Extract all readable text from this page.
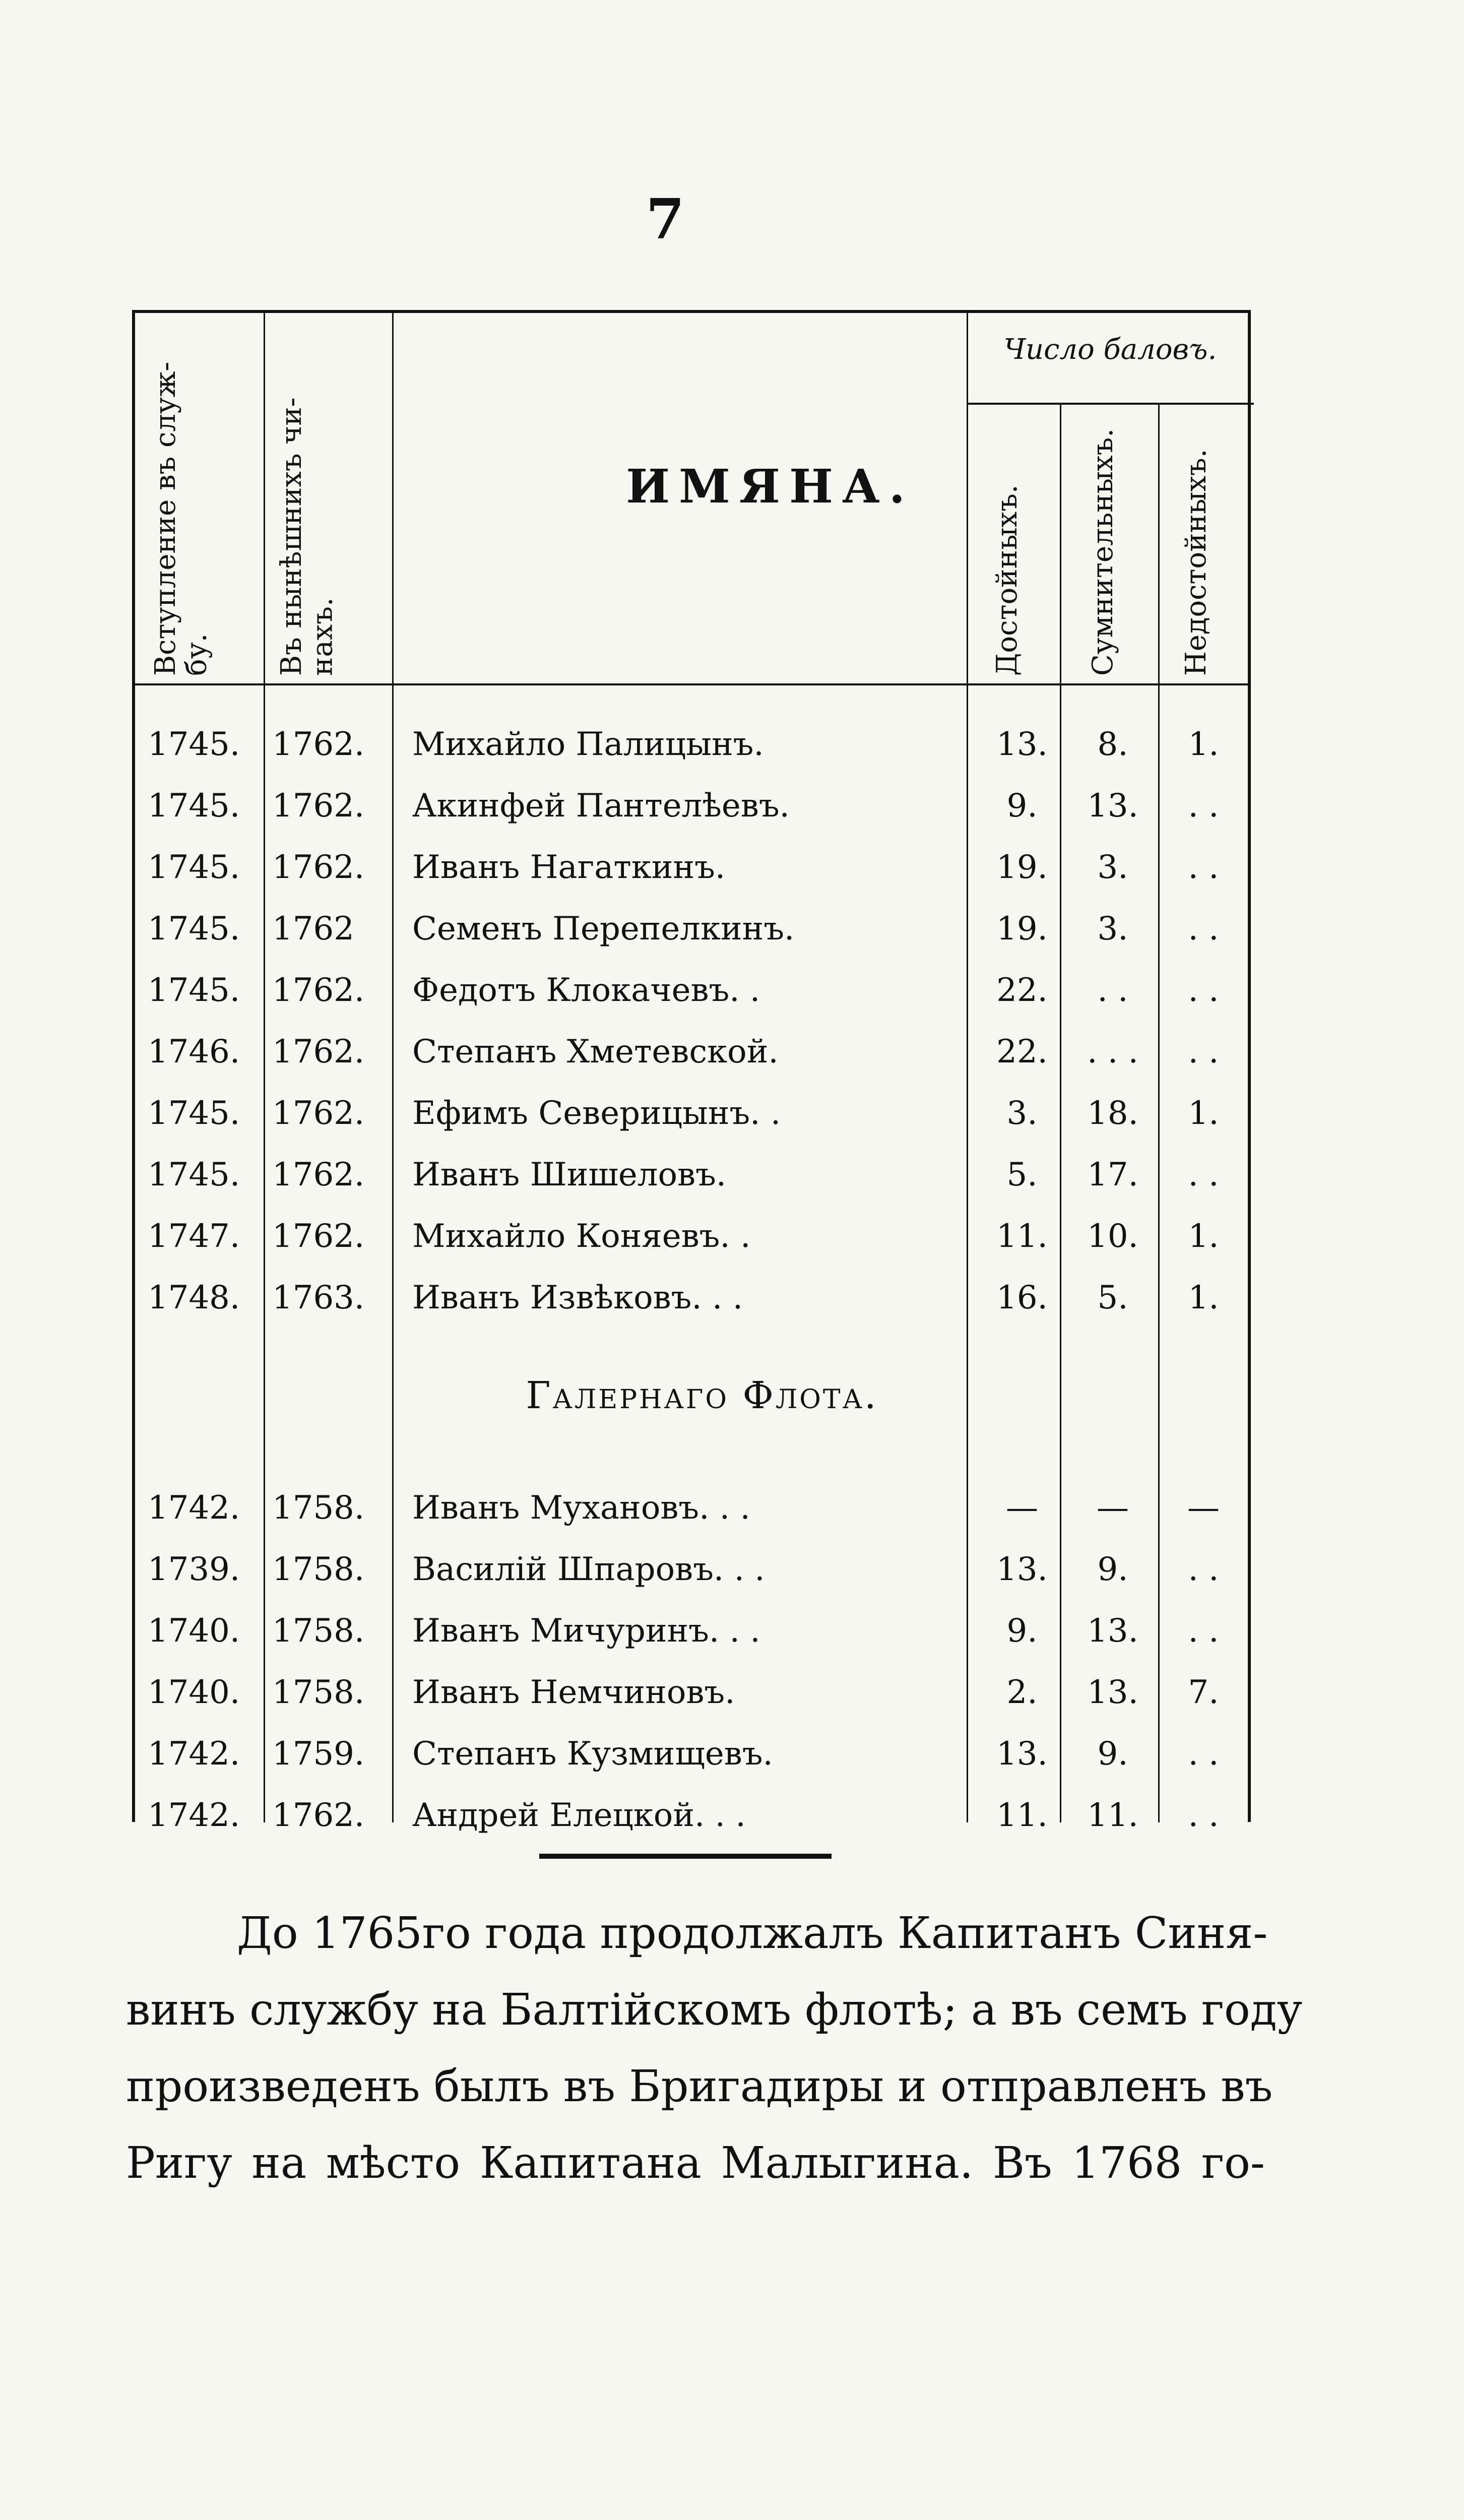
7
Вступление въ служ-бу.	Въ нынѣшнихъ чи-нахъ.
ИМЯНА.
Число баловъ.
Достойныхъ.	Сумнительныхъ.	Недостойныхъ.
1745. 1762.	Михайло Палицынъ.	13.	8.	1.
1745. 1762.	Акинфей Пантелѣевъ.	9.	13.	. .
1745. 1762.	Иванъ Нагаткинъ.	19.	3.	. .
1745. 1762	Семенъ Перепелкинъ.	19.	3.	. .
1745. 1762.	Федотъ Клокачевъ. .	22.	. .	. .
1746. 1762.	Степанъ Хметевской.	22.	. . .	. .
1745. 1762.	Ефимъ Северицынъ. .	3.	18.	1.
1745. 1762.	Иванъ Шишеловъ.	5.	17.	. .
1747. 1762.	Михайло Коняевъ. .	11.	10.	1.
1748. 1763.	Иванъ Извѣковъ. . .	16.	5.	1.
Галернаго Флота.
1742. 1758.	Иванъ Мухановъ. . .	—	—	—
1739. 1758.	Василій Шпаровъ. . .	13.	9.	. .
1740. 1758.	Иванъ Мичуринъ. . .	9.	13.	. .
1740. 1758.	Иванъ Немчиновъ.	2.	13.	7.
1742. 1759.	Степанъ Кузмищевъ.	13.	9.	. .
1742. 1762.	Андрей Елецкой. . .	11.	11.	. .
До 1765го года продолжалъ Капитанъ Синя-
винъ службу на Балтійскомъ флотѣ; а въ семъ году
произведенъ былъ въ Бригадиры и отправленъ въ
Ригу на мѣсто Капитана Малыгина. Въ 1768 го-
